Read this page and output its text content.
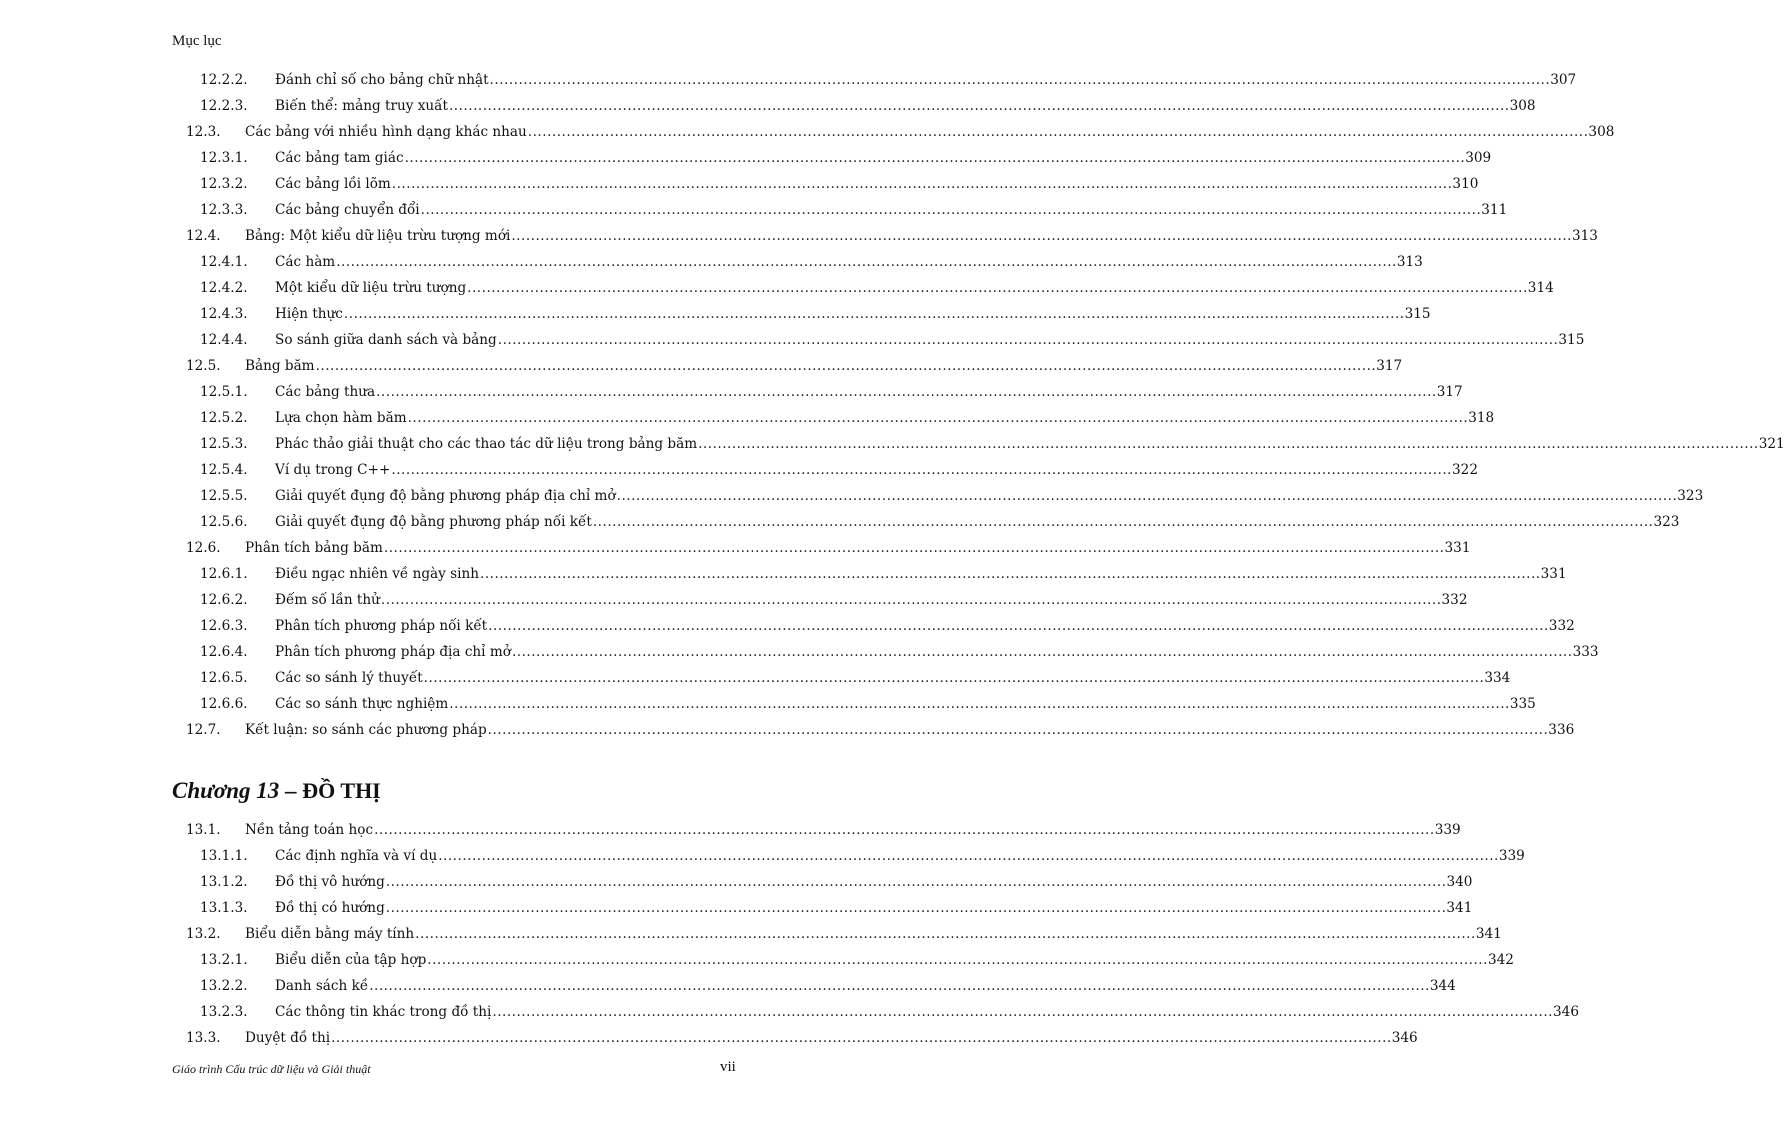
Mục lục
12.2.2. Đánh chỉ số cho bảng chữ nhật ............................................................................................................................................................................................................................ 307
12.2.3. Biến thể: mảng truy xuất ............................................................................................................................................................................................................................ 308
12.3. Các bảng với nhiều hình dạng khác nhau ............................................................................................................................................................................................................................ 308
12.3.1. Các bảng tam giác ............................................................................................................................................................................................................................ 309
12.3.2. Các bảng lồi lõm ............................................................................................................................................................................................................................ 310
12.3.3. Các bảng chuyển đổi ............................................................................................................................................................................................................................ 311
12.4. Bảng: Một kiểu dữ liệu trừu tượng mới ............................................................................................................................................................................................................................ 313
12.4.1. Các hàm ............................................................................................................................................................................................................................ 313
12.4.2. Một kiểu dữ liệu trừu tượng ............................................................................................................................................................................................................................ 314
12.4.3. Hiện thực ............................................................................................................................................................................................................................ 315
12.4.4. So sánh giữa danh sách và bảng ............................................................................................................................................................................................................................ 315
12.5. Bảng băm ............................................................................................................................................................................................................................ 317
12.5.1. Các bảng thưa ............................................................................................................................................................................................................................ 317
12.5.2. Lựa chọn hàm băm ............................................................................................................................................................................................................................ 318
12.5.3. Phác thảo giải thuật cho các thao tác dữ liệu trong bảng băm ............................................................................................................................................................................................................................ 321
12.5.4. Ví dụ trong C++ ............................................................................................................................................................................................................................ 322
12.5.5. Giải quyết đụng độ bằng phương pháp địa chỉ mở ............................................................................................................................................................................................................................ 323
12.5.6. Giải quyết đụng độ bằng phương pháp nối kết ............................................................................................................................................................................................................................ 323
12.6. Phân tích bảng băm ............................................................................................................................................................................................................................ 331
12.6.1. Điều ngạc nhiên về ngày sinh ............................................................................................................................................................................................................................ 331
12.6.2. Đếm số lần thử ............................................................................................................................................................................................................................ 332
12.6.3. Phân tích phương pháp nối kết ............................................................................................................................................................................................................................ 332
12.6.4. Phân tích phương pháp địa chỉ mở ............................................................................................................................................................................................................................ 333
12.6.5. Các so sánh lý thuyết ............................................................................................................................................................................................................................ 334
12.6.6. Các so sánh thực nghiệm ............................................................................................................................................................................................................................ 335
12.7. Kết luận: so sánh các phương pháp ............................................................................................................................................................................................................................ 336
Chương 13 – ĐỒ THỊ
13.1. Nền tảng toán học ............................................................................................................................................................................................................................ 339
13.1.1. Các định nghĩa và ví dụ ............................................................................................................................................................................................................................ 339
13.1.2. Đồ thị vô hướng ............................................................................................................................................................................................................................ 340
13.1.3. Đồ thị có hướng ............................................................................................................................................................................................................................ 341
13.2. Biểu diễn bằng máy tính ............................................................................................................................................................................................................................ 341
13.2.1. Biểu diễn của tập hợp ............................................................................................................................................................................................................................ 342
13.2.2. Danh sách kề ............................................................................................................................................................................................................................ 344
13.2.3. Các thông tin khác trong đồ thị ............................................................................................................................................................................................................................ 346
13.3. Duyệt đồ thị ............................................................................................................................................................................................................................ 346
Giáo trình Cấu trúc dữ liệu và Giải thuật	vii
